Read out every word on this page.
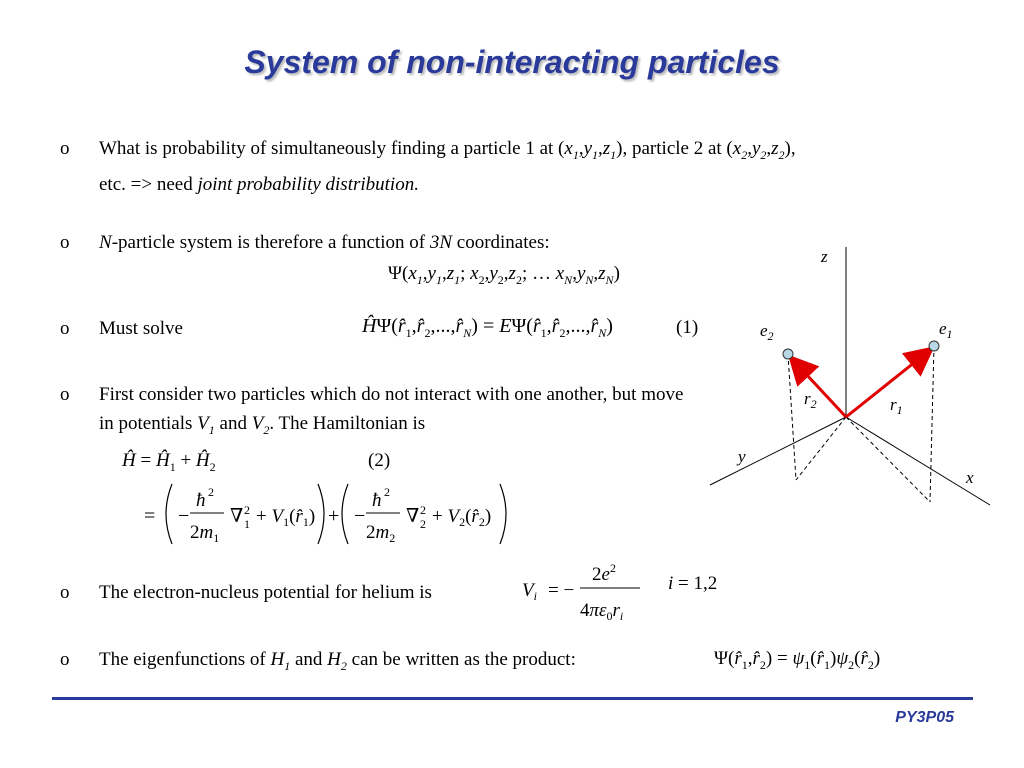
System of non-interacting particles
o What is probability of simultaneously finding a particle 1 at $(x_1,y_1,z_1)$, particle 2 at $(x_2,y_2,z_2)$,
etc. => need joint probability distribution.
o N-particle system is therefore a function of 3N coordinates:
$\Psi(x_1,y_1,z_1$; $x_2,y_2,z_2$; … $x_N,y_N,z_N$)
o Must solve	$Ĥ\Psi(r̂_1,r̂_2,...,r̂_N)$ = $E\Psi(r̂_1,r̂_2,...,r̂_N)$	(1)
o First consider two particles which do not interact with one another, but move in potentials $V_1$ and $V_2$. The Hamiltonian is
Ĥ = $Ĥ_1$ + $Ĥ_2$	(2)
= −
ħ 2
$2m_1$
∇ 2
$1 + V_1(r̂_1)$ + −
ħ 2
$2m_2$
∇ 2
$2 + V_2(r̂_2)$
o The electron-nucleus potential for helium is	$V_i$ = −
$2e^2$
$4\pi\varepsilon_0r_i$
i = 1,2
o The eigenfunctions of $H_1$ and $H_2$ can be written as the product:	$\Psi(r̂_1,r̂_2)$ = $\psi_1(r̂_1)\psi_2(r̂_2)$
z
y
x
$e_2$	$e_1$
$r_2$	$r_1$
PY3P05
